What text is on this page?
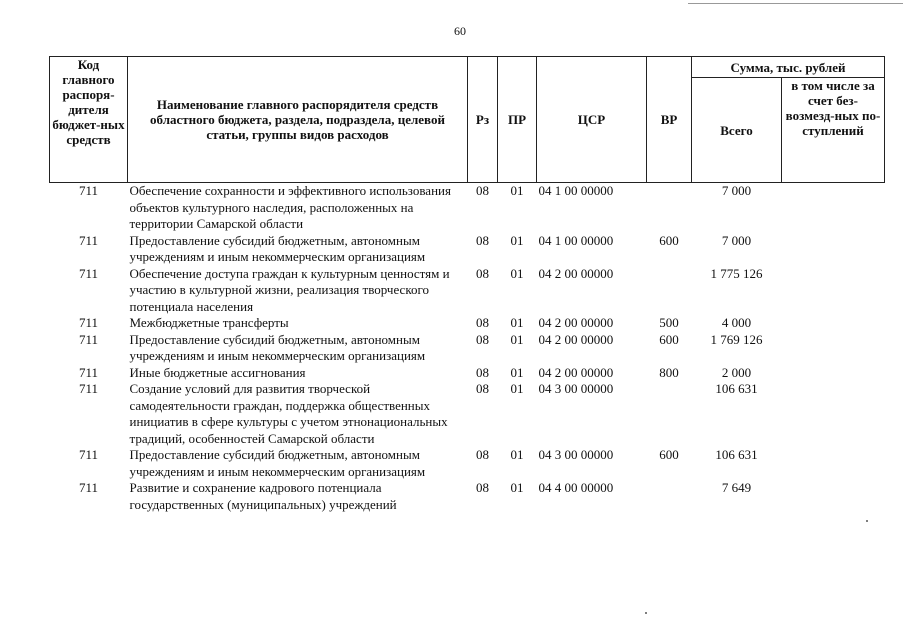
60
Код главного распоря-дителя бюджет-ных средств	Наименование главного распорядителя средств областного бюджета, раздела, подраздела, целевой статьи, группы видов расходов	Рз	ПР	ЦСР	ВР	Сумма, тыс. рублей	
						Всего	в том числе за счет без-возмезд-ных по-ступлений
711	Обеспечение сохранности и эффективного использования объектов культурного наследия, расположенных на территории Самарской области	08	01	04 1 00 00000		7 000	
711	Предоставление субсидий бюджетным, автономным учреждениям и иным некоммерческим организациям	08	01	04 1 00 00000	600	7 000	
711	Обеспечение доступа граждан к культурным ценностям и участию в культурной жизни, реализация творческого потенциала населения	08	01	04 2 00 00000		1 775 126	
711	Межбюджетные трансферты	08	01	04 2 00 00000	500	4 000	
711	Предоставление субсидий бюджетным, автономным учреждениям и иным некоммерческим организациям	08	01	04 2 00 00000	600	1 769 126	
711	Иные бюджетные ассигнования	08	01	04 2 00 00000	800	2 000	
711	Создание условий для развития творческой самодеятельности граждан, поддержка общественных инициатив в сфере культуры с учетом этнонациональных традиций, особенностей Самарской области	08	01	04 3 00 00000		106 631	
711	Предоставление субсидий бюджетным, автономным учреждениям и иным некоммерческим организациям	08	01	04 3 00 00000	600	106 631	
711	Развитие и сохранение кадрового потенциала государственных (муниципальных) учреждений	08	01	04 4 00 00000		7 649	
